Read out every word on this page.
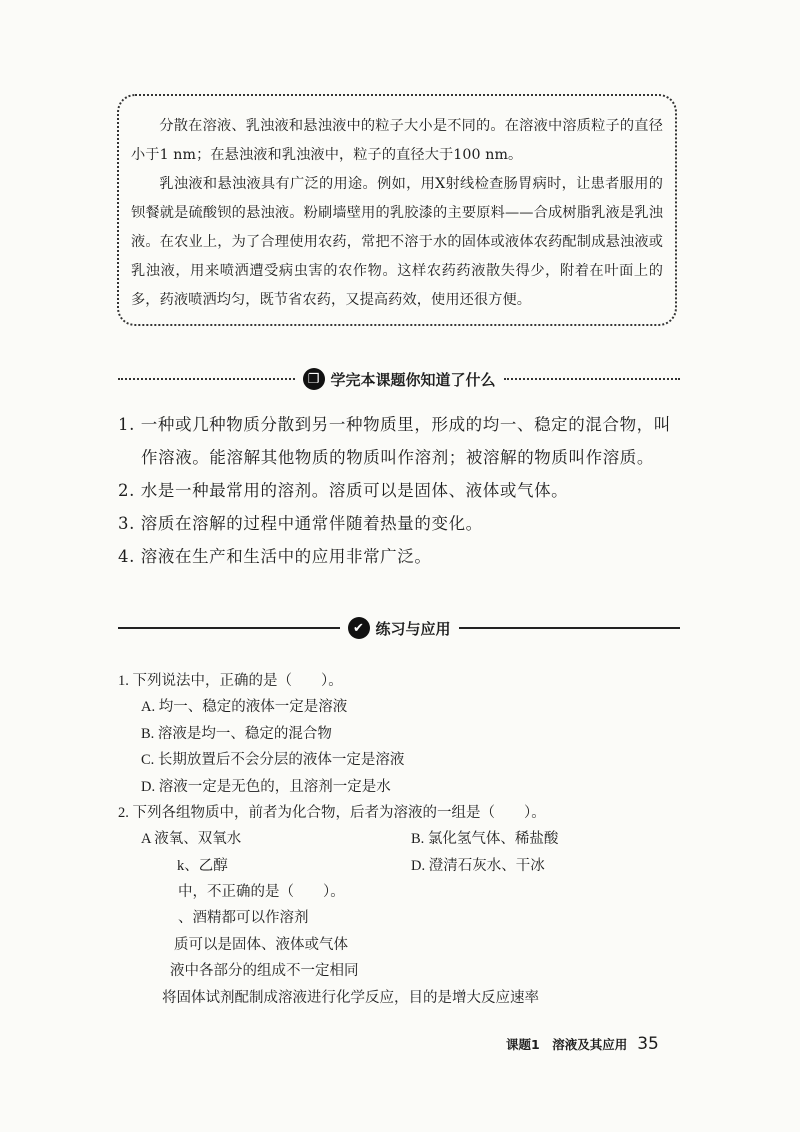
分散在溶液、乳浊液和悬浊液中的粒子大小是不同的。在溶液中溶质粒子的直径小于1 nm；在悬浊液和乳浊液中，粒子的直径大于100 nm。

乳浊液和悬浊液具有广泛的用途。例如，用X射线检查肠胃病时，让患者服用的钡餐就是硫酸钡的悬浊液。粉刷墙壁用的乳胶漆的主要原料——合成树脂乳液是乳浊液。在农业上，为了合理使用农药，常把不溶于水的固体或液体农药配制成悬浊液或乳浊液，用来喷洒遭受病虫害的农作物。这样农药药液散失得少，附着在叶面上的多，药液喷洒均匀，既节省农药，又提高药效，使用还很方便。

❐ 学完本课题你知道了什么
1. 一种或几种物质分散到另一种物质里，形成的均一、稳定的混合物，叫作溶液。能溶解其他物质的物质叫作溶剂；被溶解的物质叫作溶质。
2. 水是一种最常用的溶剂。溶质可以是固体、液体或气体。
3. 溶质在溶解的过程中通常伴随着热量的变化。
4. 溶液在生产和生活中的应用非常广泛。
✔ 练习与应用
1. 下列说法中，正确的是（　　）。
A. 均一、稳定的液体一定是溶液
B. 溶液是均一、稳定的混合物
C. 长期放置后不会分层的液体一定是溶液
D. 溶液一定是无色的，且溶剂一定是水
2. 下列各组物质中，前者为化合物，后者为溶液的一组是（　　）。
A 液氧、双氧水	B. 氯化氢气体、稀盐酸
k、乙醇	D. 澄清石灰水、干冰
中，不正确的是（　　）。
、酒精都可以作溶剂
质可以是固体、液体或气体
液中各部分的组成不一定相同
将固体试剂配制成溶液进行化学反应，目的是增大反应速率
课题1　溶液及其应用 35
